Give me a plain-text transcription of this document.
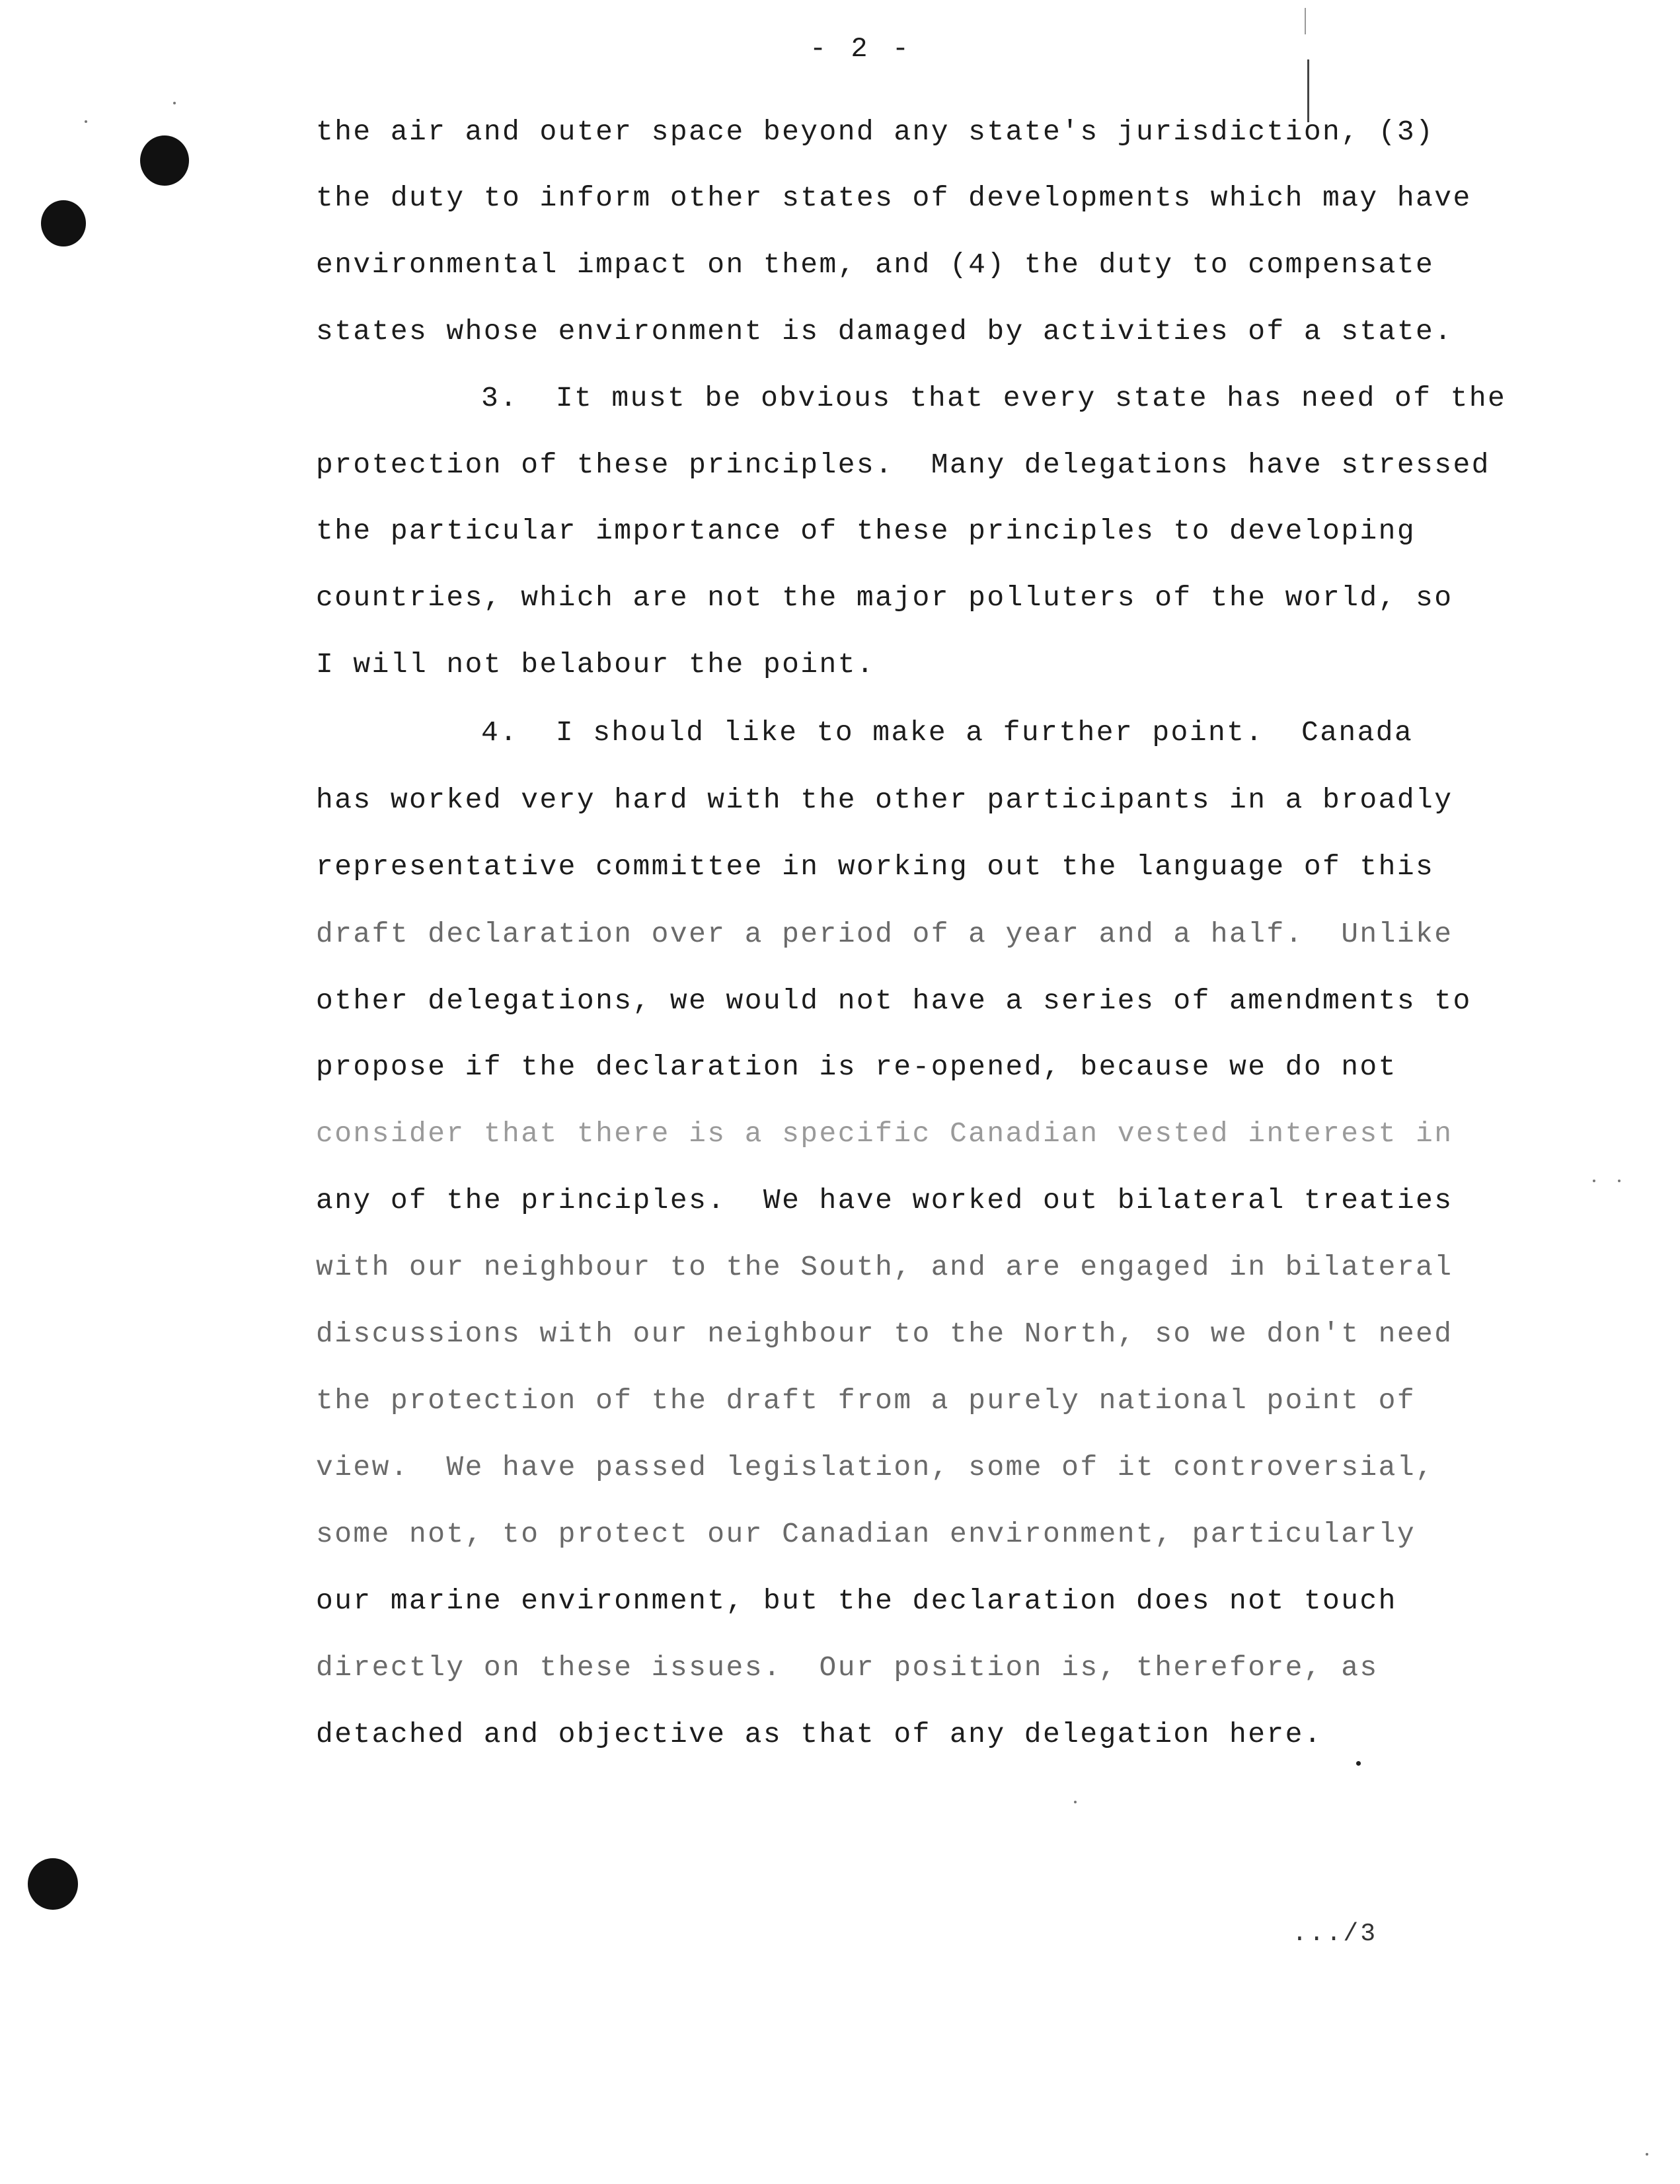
- 2 -
the air and outer space beyond any state's jurisdiction, (3)
the duty to inform other states of developments which may have
environmental impact on them, and (4) the duty to compensate
states whose environment is damaged by activities of a state.
3.  It must be obvious that every state has need of the
protection of these principles.  Many delegations have stressed
the particular importance of these principles to developing
countries, which are not the major polluters of the world, so
I will not belabour the point.
4.  I should like to make a further point.  Canada
has worked very hard with the other participants in a broadly
representative committee in working out the language of this
draft declaration over a period of a year and a half.  Unlike
other delegations, we would not have a series of amendments to
propose if the declaration is re-opened, because we do not
consider that there is a specific Canadian vested interest in
any of the principles.  We have worked out bilateral treaties
with our neighbour to the South, and are engaged in bilateral
discussions with our neighbour to the North, so we don't need
the protection of the draft from a purely national point of
view.  We have passed legislation, some of it controversial,
some not, to protect our Canadian environment, particularly
our marine environment, but the declaration does not touch
directly on these issues.  Our position is, therefore, as
detached and objective as that of any delegation here.
.../3
